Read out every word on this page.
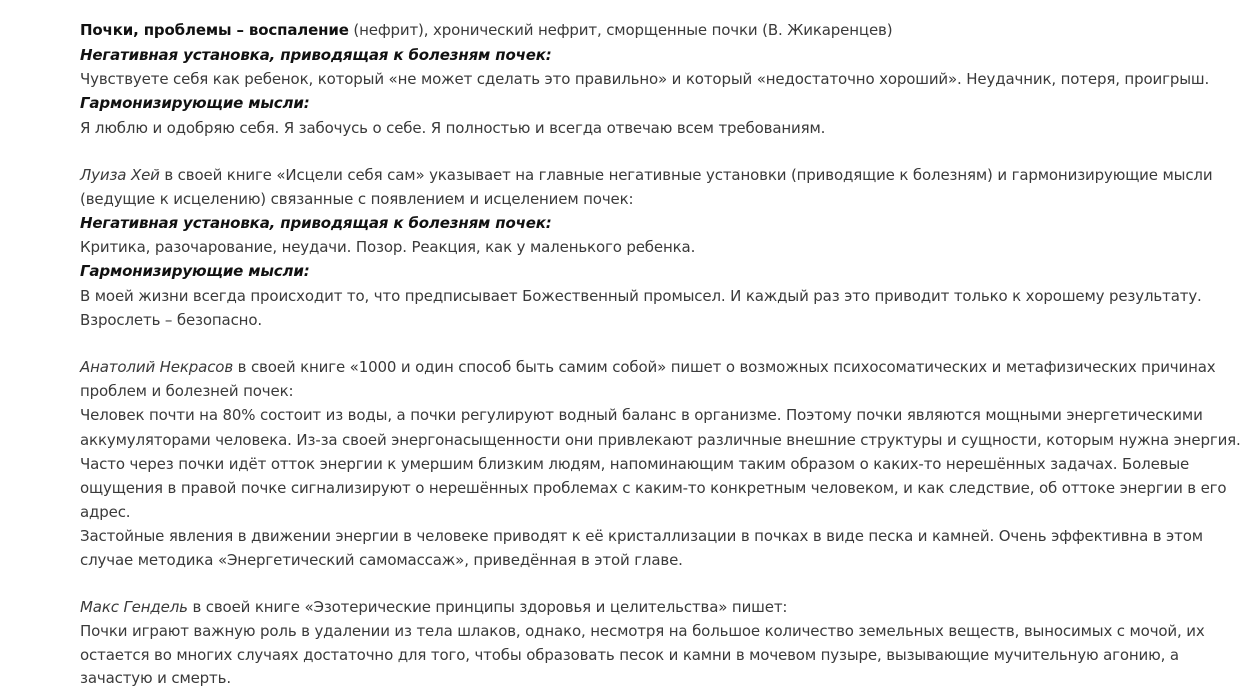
Почки, проблемы – воспаление (нефрит), хронический нефрит, сморщенные почки (В. Жикаренцев)
Негативная установка, приводящая к болезням почек:
Чувствуете себя как ребенок, который «не может сделать это правильно» и который «недостаточно хороший». Неудачник, потеря, проигрыш.
Гармонизирующие мысли:
Я люблю и одобряю себя. Я забочусь о себе. Я полностью и всегда отвечаю всем требованиям.
Луиза Хей в своей книге «Исцели себя сам» указывает на главные негативные установки (приводящие к болезням) и гармонизирующие мысли
(ведущие к исцелению) связанные с появлением и исцелением почек:
Негативная установка, приводящая к болезням почек:
Критика, разочарование, неудачи. Позор. Реакция, как у маленького ребенка.
Гармонизирующие мысли:
В моей жизни всегда происходит то, что предписывает Божественный промысел. И каждый раз это приводит только к хорошему результату.
Взрослеть – безопасно.
Анатолий Некрасов в своей книге «1000 и один способ быть самим собой» пишет о возможных психосоматических и метафизических причинах
проблем и болезней почек:
Человек почти на 80% состоит из воды, а почки регулируют водный баланс в организме. Поэтому почки являются мощными энергетическими
аккумуляторами человека. Из-за своей энергонасыщенности они привлекают различные внешние структуры и сущности, которым нужна энергия.
Часто через почки идёт отток энергии к умершим близким людям, напоминающим таким образом о каких-то нерешённых задачах. Болевые
ощущения в правой почке сигнализируют о нерешённых проблемах с каким-то конкретным человеком, и как следствие, об оттоке энергии в его
адрес.
Застойные явления в движении энергии в человеке приводят к её кристаллизации в почках в виде песка и камней. Очень эффективна в этом
случае методика «Энергетический самомассаж», приведённая в этой главе.
Макс Гендель в своей книге «Эзотерические принципы здоровья и целительства» пишет:
Почки играют важную роль в удалении из тела шлаков, однако, несмотря на большое количество земельных веществ, выносимых с мочой, их
остается во многих случаях достаточно для того, чтобы образовать песок и камни в мочевом пузыре, вызывающие мучительную агонию, а
зачастую и смерть.
